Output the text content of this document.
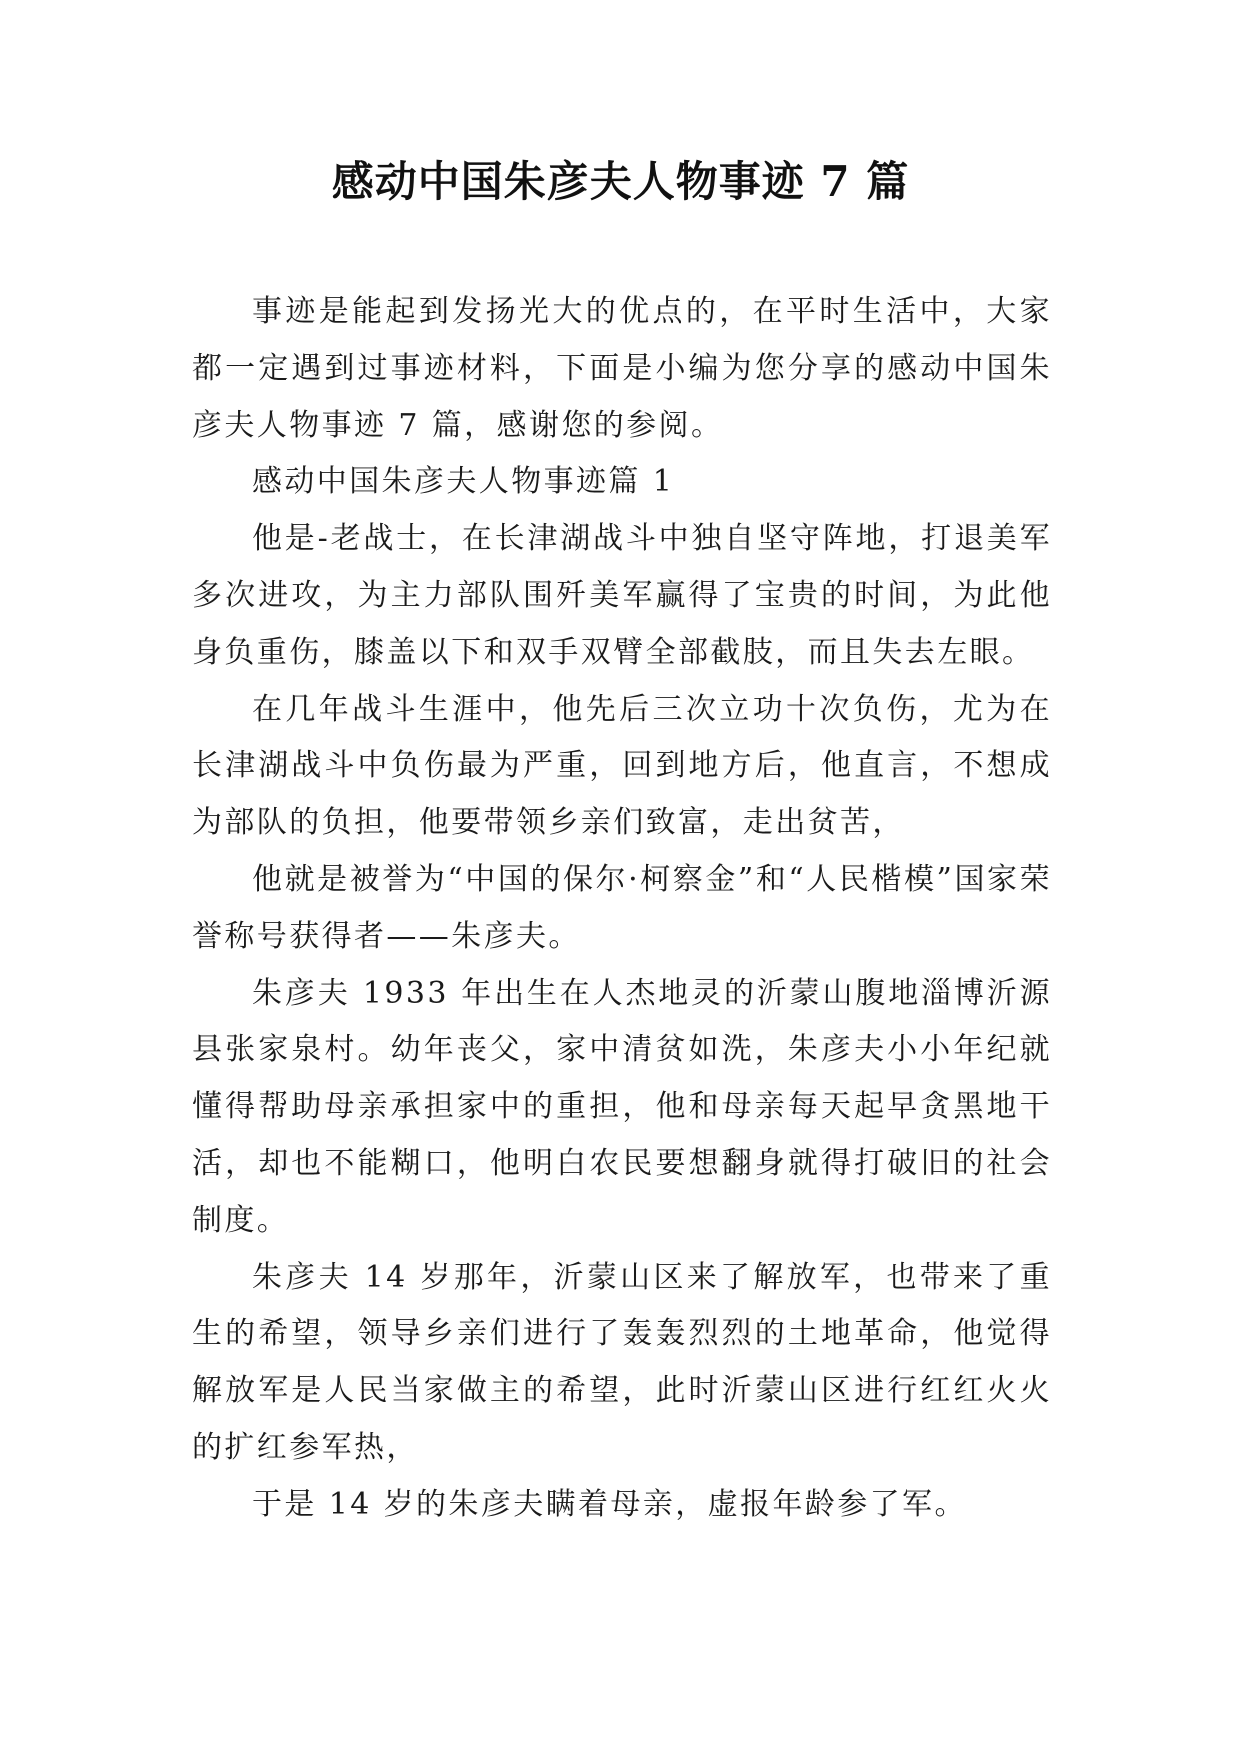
感动中国朱彦夫人物事迹 7 篇

事迹是能起到发扬光大的优点的，在平时生活中，大家都一定遇到过事迹材料，下面是小编为您分享的感动中国朱彦夫人物事迹 7 篇，感谢您的参阅。

感动中国朱彦夫人物事迹篇 1

他是-老战士，在长津湖战斗中独自坚守阵地，打退美军多次进攻，为主力部队围歼美军赢得了宝贵的时间，为此他身负重伤，膝盖以下和双手双臂全部截肢，而且失去左眼。

在几年战斗生涯中，他先后三次立功十次负伤，尤为在长津湖战斗中负伤最为严重，回到地方后，他直言，不想成为部队的负担，他要带领乡亲们致富，走出贫苦，

他就是被誉为“中国的保尔·柯察金”和“人民楷模”国家荣誉称号获得者——朱彦夫。

朱彦夫 1933 年出生在人杰地灵的沂蒙山腹地淄博沂源县张家泉村。幼年丧父，家中清贫如洗，朱彦夫小小年纪就懂得帮助母亲承担家中的重担，他和母亲每天起早贪黑地干活，却也不能糊口，他明白农民要想翻身就得打破旧的社会制度。

朱彦夫 14 岁那年，沂蒙山区来了解放军，也带来了重生的希望，领导乡亲们进行了轰轰烈烈的土地革命，他觉得解放军是人民当家做主的希望，此时沂蒙山区进行红红火火的扩红参军热，

于是 14 岁的朱彦夫瞒着母亲，虚报年龄参了军。
